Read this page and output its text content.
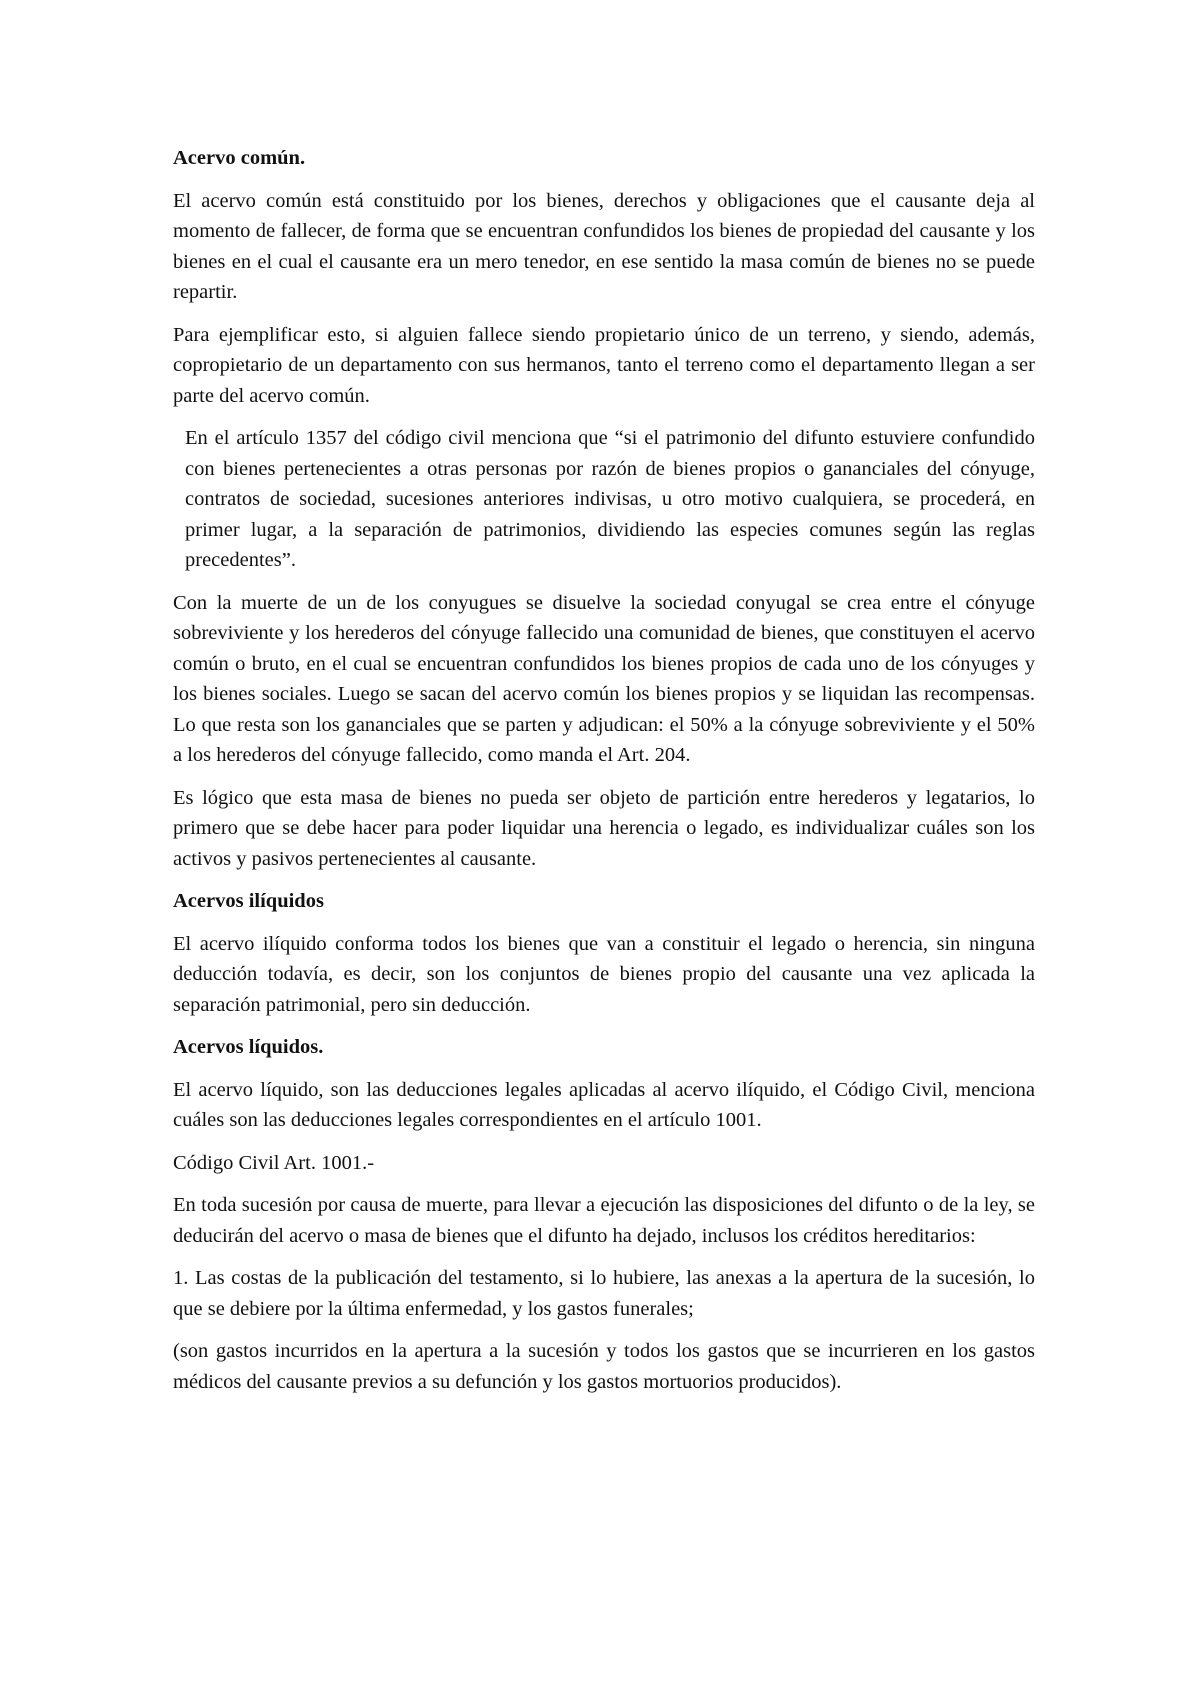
Acervo común.
El acervo común está constituido por los bienes, derechos y obligaciones que el causante deja al momento de fallecer, de forma que se encuentran confundidos los bienes de propiedad del causante y los bienes en el cual el causante era un mero tenedor, en ese sentido la masa común de bienes no se puede repartir.
Para ejemplificar esto, si alguien fallece siendo propietario único de un terreno, y siendo, además, copropietario de un departamento con sus hermanos, tanto el terreno como el departamento llegan a ser parte del acervo común.
En el artículo 1357 del código civil menciona que “si el patrimonio del difunto estuviere confundido con bienes pertenecientes a otras personas por razón de bienes propios o gananciales del cónyuge, contratos de sociedad, sucesiones anteriores indivisas, u otro motivo cualquiera, se procederá, en primer lugar, a la separación de patrimonios, dividiendo las especies comunes según las reglas precedentes”.
Con la muerte de un de los conyugues se disuelve la sociedad conyugal se crea entre el cónyuge sobreviviente y los herederos del cónyuge fallecido una comunidad de bienes, que constituyen el acervo común o bruto, en el cual se encuentran confundidos los bienes propios de cada uno de los cónyuges y los bienes sociales. Luego se sacan del acervo común los bienes propios y se liquidan las recompensas. Lo que resta son los gananciales que se parten y adjudican: el 50% a la cónyuge sobreviviente y el 50% a los herederos del cónyuge fallecido, como manda el Art. 204.
Es lógico que esta masa de bienes no pueda ser objeto de partición entre herederos y legatarios, lo primero que se debe hacer para poder liquidar una herencia o legado, es individualizar cuáles son los activos y pasivos pertenecientes al causante.
Acervos ilíquidos
El acervo ilíquido conforma todos los bienes que van a constituir el legado o herencia, sin ninguna deducción todavía, es decir, son los conjuntos de bienes propio del causante una vez aplicada la separación patrimonial, pero sin deducción.
Acervos líquidos.
El acervo líquido, son las deducciones legales aplicadas al acervo ilíquido, el Código Civil, menciona cuáles son las deducciones legales correspondientes en el artículo 1001.
Código Civil Art. 1001.-
En toda sucesión por causa de muerte, para llevar a ejecución las disposiciones del difunto o de la ley, se deducirán del acervo o masa de bienes que el difunto ha dejado, inclusos los créditos hereditarios:
1. Las costas de la publicación del testamento, si lo hubiere, las anexas a la apertura de la sucesión, lo que se debiere por la última enfermedad, y los gastos funerales;
(son gastos incurridos en la apertura a la sucesión y todos los gastos que se incurrieren en los gastos médicos del causante previos a su defunción y los gastos mortuorios producidos).
